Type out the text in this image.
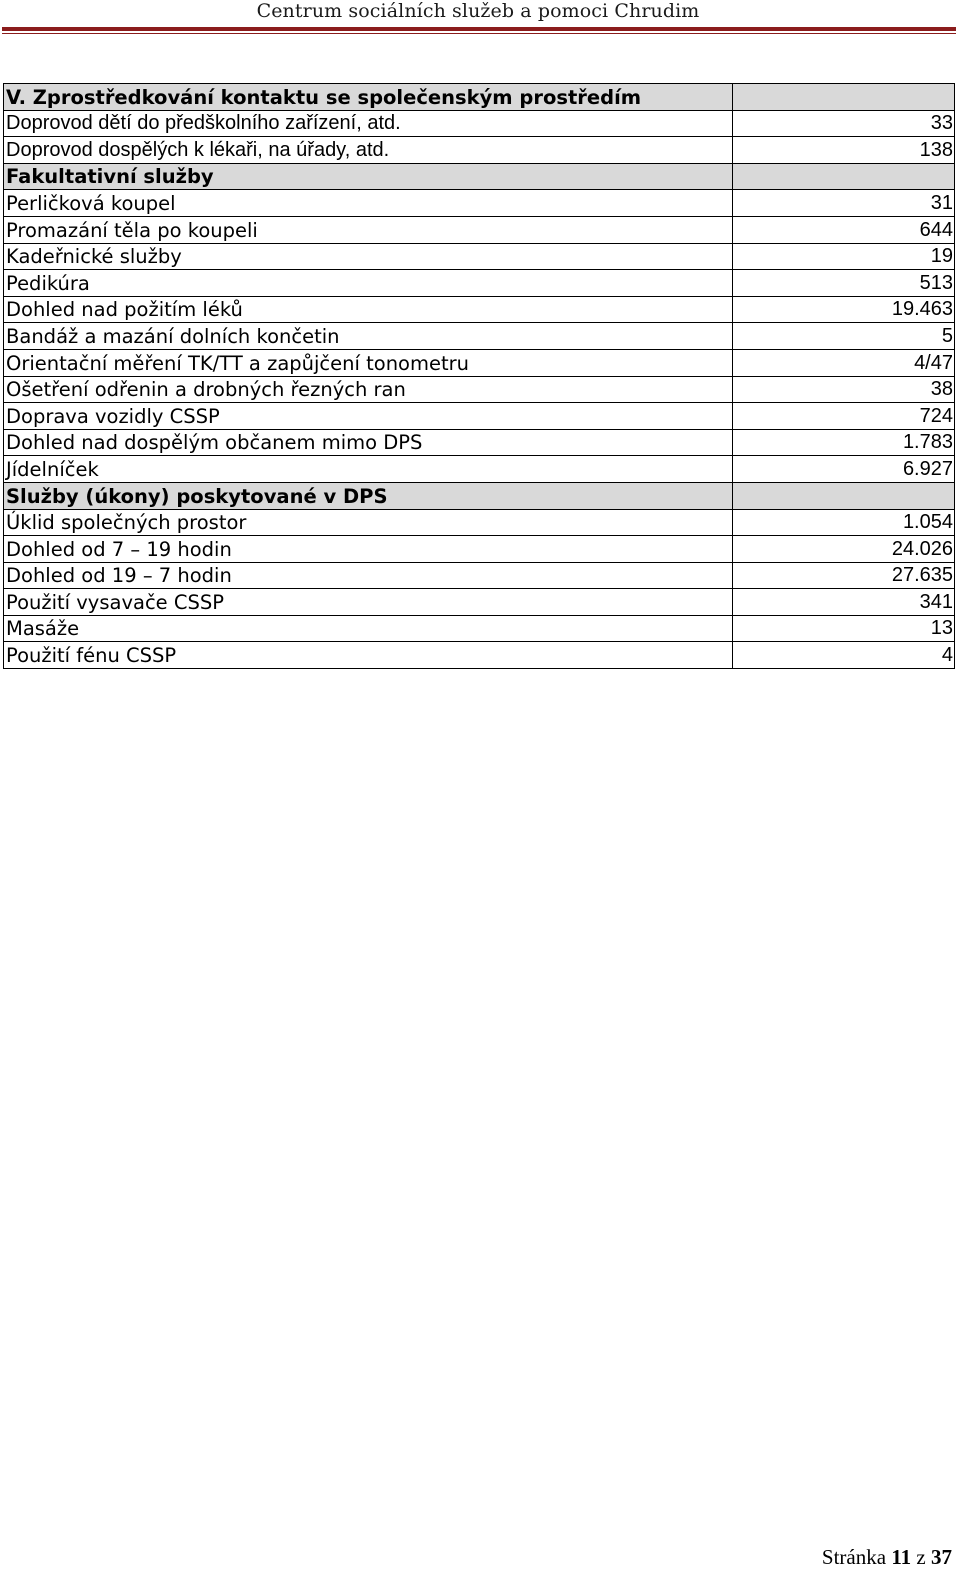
Centrum sociálních služeb a pomoci Chrudim
V. Zprostředkování kontaktu se společenským prostředím	
Doprovod dětí do předškolního zařízení, atd.	33
Doprovod dospělých k lékaři, na úřady, atd.	138
Fakultativní služby	
Perličková koupel	31
Promazání těla po koupeli	644
Kadeřnické služby	19
Pedikúra	513
Dohled nad požitím léků	19.463
Bandáž a mazání dolních končetin	5
Orientační měření TK/TT a zapůjčení tonometru	4/47
Ošetření odřenin a drobných řezných ran	38
Doprava vozidly CSSP	724
Dohled nad dospělým občanem mimo DPS	1.783
Jídelníček	6.927
Služby (úkony) poskytované v DPS	
Úklid společných prostor	1.054
Dohled od 7 – 19 hodin	24.026
Dohled od 19 – 7 hodin	27.635
Použití vysavače CSSP	341
Masáže	13
Použití fénu CSSP	4
Stránka 11 z 37
